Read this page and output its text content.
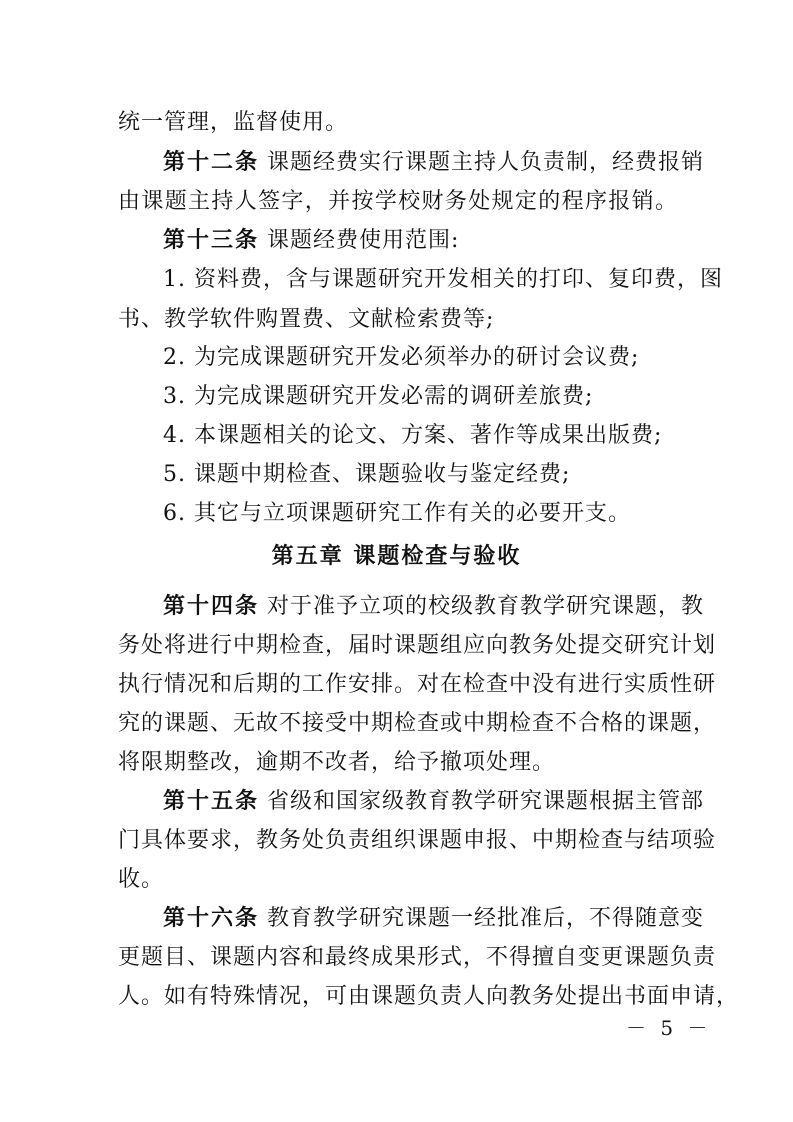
统一管理，监督使用。
第十二条 课题经费实行课题主持人负责制，经费报销
由课题主持人签字，并按学校财务处规定的程序报销。
第十三条 课题经费使用范围:
1. 资料费，含与课题研究开发相关的打印、复印费，图
书、教学软件购置费、文献检索费等;
2. 为完成课题研究开发必须举办的研讨会议费;
3. 为完成课题研究开发必需的调研差旅费;
4. 本课题相关的论文、方案、著作等成果出版费;
5. 课题中期检查、课题验收与鉴定经费;
6. 其它与立项课题研究工作有关的必要开支。
第五章 课题检查与验收
第十四条 对于准予立项的校级教育教学研究课题，教
务处将进行中期检查，届时课题组应向教务处提交研究计划
执行情况和后期的工作安排。对在检查中没有进行实质性研
究的课题、无故不接受中期检查或中期检查不合格的课题，
将限期整改，逾期不改者，给予撤项处理。
第十五条 省级和国家级教育教学研究课题根据主管部
门具体要求，教务处负责组织课题申报、中期检查与结项验
收。
第十六条 教育教学研究课题一经批准后，不得随意变
更题目、课题内容和最终成果形式，不得擅自变更课题负责
人。如有特殊情况，可由课题负责人向教务处提出书面申请，
－ 5 －
